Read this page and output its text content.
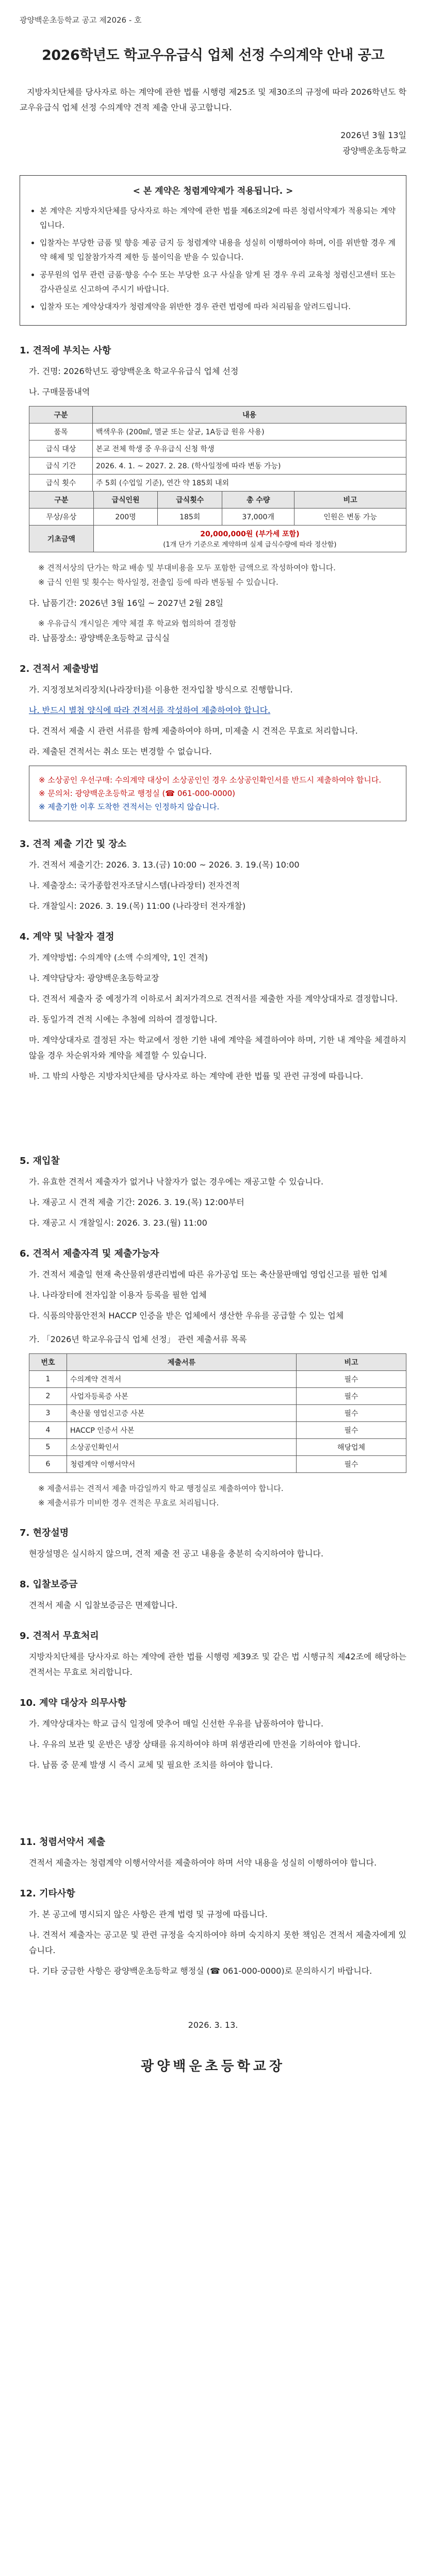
광양백운초등학교 공고 제2026 - 호
2026학년도 학교우유급식 업체 선정 수의계약 안내 공고

지방자치단체를 당사자로 하는 계약에 관한 법률 시행령 제25조 및 제30조의 규정에 따라 2026학년도 학교우유급식 업체 선정 수의계약 견적 제출 안내 공고합니다.

2026년 3월 13일
광양백운초등학교
< 본 계약은 청렴계약제가 적용됩니다. >
• 본 계약은 지방자치단체를 당사자로 하는 계약에 관한 법률 제6조의2에 따른 청렴서약제가 적용되는 계약입니다.
• 입찰자는 부당한 금품 및 향응 제공 금지 등 청렴계약 내용을 성실히 이행하여야 하며, 이를 위반할 경우 계약 해제 및 입찰참가자격 제한 등 불이익을 받을 수 있습니다.
• 공무원의 업무 관련 금품·향응 수수 또는 부당한 요구 사실을 알게 된 경우 우리 교육청 청렴신고센터 또는 감사관실로 신고하여 주시기 바랍니다.
• 입찰자 또는 계약상대자가 청렴계약을 위반한 경우 관련 법령에 따라 처리됨을 알려드립니다.
1. 견적에 부치는 사항
가. 건명: 2026학년도 광양백운초 학교우유급식 업체 선정
나. 구매물품내역
구분	내용
품목	백색우유 (200㎖, 멸균 또는 살균, 1A등급 원유 사용)
급식 대상	본교 전체 학생 중 우유급식 신청 학생
급식 기간	2026. 4. 1. ~ 2027. 2. 28. (학사일정에 따라 변동 가능)
급식 횟수	주 5회 (수업일 기준), 연간 약 185회 내외
구분	급식인원	급식횟수	총 수량	비고
무상/유상	200명	185회	37,000개	인원은 변동 가능
기초금액	20,000,000원 (부가세 포함)
(1개 단가 기준으로 계약하며 실제 급식수량에 따라 정산함)			
※ 견적서상의 단가는 학교 배송 및 부대비용을 모두 포함한 금액으로 작성하여야 합니다.
※ 급식 인원 및 횟수는 학사일정, 전출입 등에 따라 변동될 수 있습니다.
다. 납품기간: 2026년 3월 16일 ~ 2027년 2월 28일
※ 우유급식 개시일은 계약 체결 후 학교와 협의하여 결정함
라. 납품장소: 광양백운초등학교 급식실
2. 견적서 제출방법
가. 지정정보처리장치(나라장터)를 이용한 전자입찰 방식으로 진행합니다.
나. 반드시 별첨 양식에 따라 견적서를 작성하여 제출하여야 합니다.
다. 견적서 제출 시 관련 서류를 함께 제출하여야 하며, 미제출 시 견적은 무효로 처리합니다.
라. 제출된 견적서는 취소 또는 변경할 수 없습니다.
※ 소상공인 우선구매: 수의계약 대상이 소상공인인 경우 소상공인확인서를 반드시 제출하여야 합니다.
※ 문의처: 광양백운초등학교 행정실 (☎ 061-000-0000)
※ 제출기한 이후 도착한 견적서는 인정하지 않습니다.
3. 견적 제출 기간 및 장소
가. 견적서 제출기간: 2026. 3. 13.(금) 10:00 ~ 2026. 3. 19.(목) 10:00
나. 제출장소: 국가종합전자조달시스템(나라장터) 전자견적
다. 개찰일시: 2026. 3. 19.(목) 11:00 (나라장터 전자개찰)
4. 계약 및 낙찰자 결정
가. 계약방법: 수의계약 (소액 수의계약, 1인 견적)
나. 계약담당자: 광양백운초등학교장
다. 견적서 제출자 중 예정가격 이하로서 최저가격으로 견적서를 제출한 자를 계약상대자로 결정합니다.
라. 동일가격 견적 시에는 추첨에 의하여 결정합니다.
마. 계약상대자로 결정된 자는 학교에서 정한 기한 내에 계약을 체결하여야 하며, 기한 내 계약을 체결하지 않을 경우 차순위자와 계약을 체결할 수 있습니다.
바. 그 밖의 사항은 지방자치단체를 당사자로 하는 계약에 관한 법률 및 관련 규정에 따릅니다.
5. 재입찰
가. 유효한 견적서 제출자가 없거나 낙찰자가 없는 경우에는 재공고할 수 있습니다.
나. 재공고 시 견적 제출 기간: 2026. 3. 19.(목) 12:00부터
다. 재공고 시 개찰일시: 2026. 3. 23.(월) 11:00
6. 견적서 제출자격 및 제출가능자
가. 견적서 제출일 현재 축산물위생관리법에 따른 유가공업 또는 축산물판매업 영업신고를 필한 업체
나. 나라장터에 전자입찰 이용자 등록을 필한 업체
다. 식품의약품안전처 HACCP 인증을 받은 업체에서 생산한 우유를 공급할 수 있는 업체
가. 「2026년 학교우유급식 업체 선정」 관련 제출서류 목록
번호	제출서류	비고
1	수의계약 견적서	필수
2	사업자등록증 사본	필수
3	축산물 영업신고증 사본	필수
4	HACCP 인증서 사본	필수
5	소상공인확인서	해당업체
6	청렴계약 이행서약서	필수
※ 제출서류는 견적서 제출 마감일까지 학교 행정실로 제출하여야 합니다.
※ 제출서류가 미비한 경우 견적은 무효로 처리됩니다.
7. 현장설명
현장설명은 실시하지 않으며, 견적 제출 전 공고 내용을 충분히 숙지하여야 합니다.
8. 입찰보증금
견적서 제출 시 입찰보증금은 면제합니다.
9. 견적서 무효처리
지방자치단체를 당사자로 하는 계약에 관한 법률 시행령 제39조 및 같은 법 시행규칙 제42조에 해당하는 견적서는 무효로 처리합니다.
10. 계약 대상자 의무사항
가. 계약상대자는 학교 급식 일정에 맞추어 매일 신선한 우유를 납품하여야 합니다.
나. 우유의 보관 및 운반은 냉장 상태를 유지하여야 하며 위생관리에 만전을 기하여야 합니다.
다. 납품 중 문제 발생 시 즉시 교체 및 필요한 조치를 하여야 합니다.
11. 청렴서약서 제출
견적서 제출자는 청렴계약 이행서약서를 제출하여야 하며 서약 내용을 성실히 이행하여야 합니다.
12. 기타사항
가. 본 공고에 명시되지 않은 사항은 관계 법령 및 규정에 따릅니다.
나. 견적서 제출자는 공고문 및 관련 규정을 숙지하여야 하며 숙지하지 못한 책임은 견적서 제출자에게 있습니다.
다. 기타 궁금한 사항은 광양백운초등학교 행정실 (☎ 061-000-0000)로 문의하시기 바랍니다.
2026. 3. 13.
광양백운초등학교장
